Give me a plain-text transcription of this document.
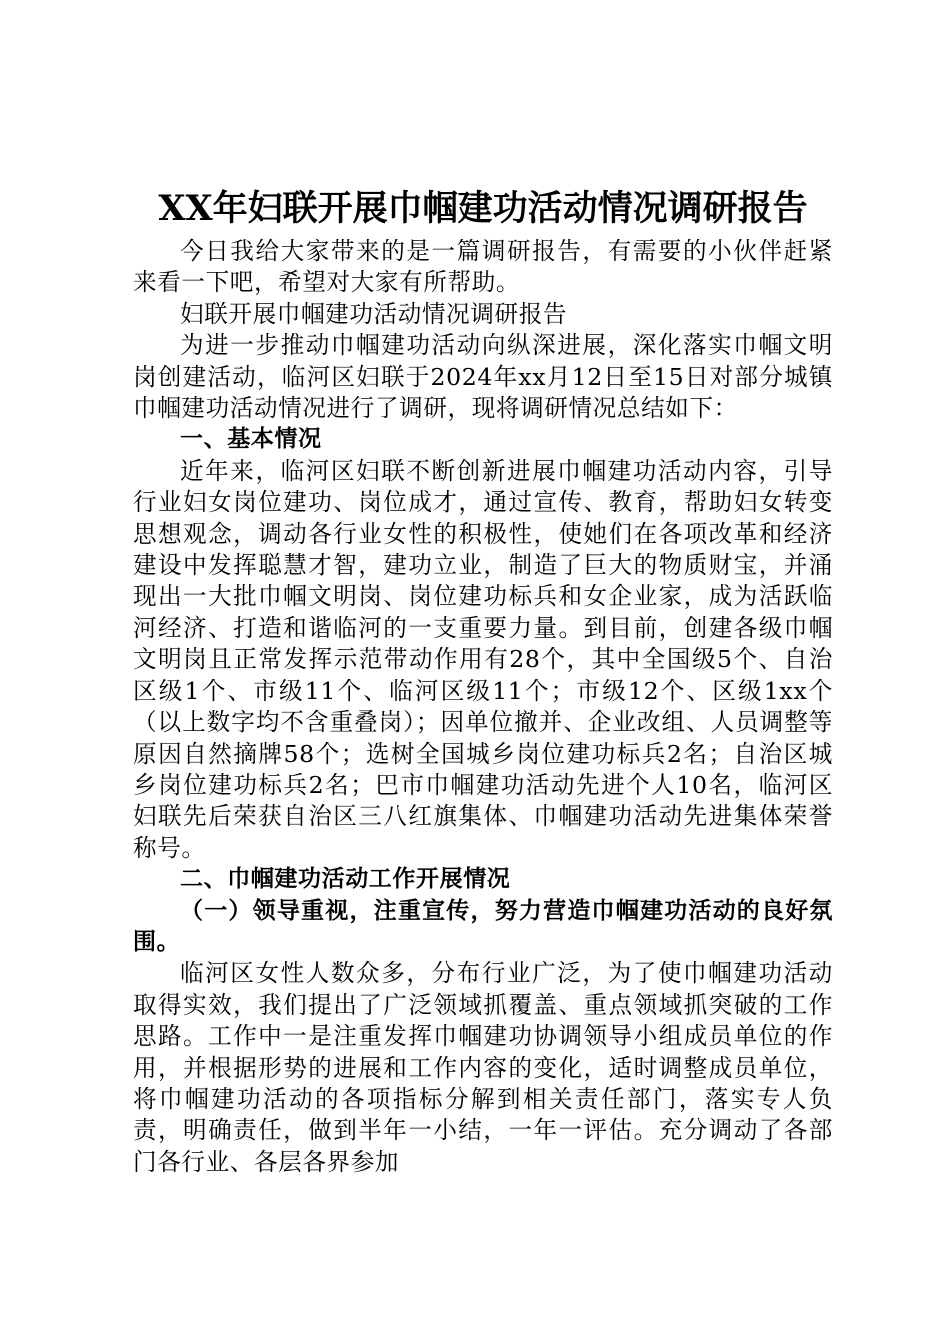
XX年妇联开展巾帼建功活动情况调研报告

今日我给大家带来的是一篇调研报告，有需要的小伙伴赶紧来看一下吧，希望对大家有所帮助。

妇联开展巾帼建功活动情况调研报告

为进一步推动巾帼建功活动向纵深进展，深化落实巾帼文明岗创建活动，临河区妇联于2024年xx月12日至15日对部分城镇巾帼建功活动情况进行了调研，现将调研情况总结如下：

一、基本情况

近年来，临河区妇联不断创新进展巾帼建功活动内容，引导行业妇女岗位建功、岗位成才，通过宣传、教育，帮助妇女转变思想观念，调动各行业女性的积极性，使她们在各项改革和经济建设中发挥聪慧才智，建功立业，制造了巨大的物质财宝，并涌现出一大批巾帼文明岗、岗位建功标兵和女企业家，成为活跃临河经济、打造和谐临河的一支重要力量。到目前，创建各级巾帼文明岗且正常发挥示范带动作用有28个，其中全国级5个、自治区级1个、市级11个、临河区级11个；市级12个、区级1xx个（以上数字均不含重叠岗）；因单位撤并、企业改组、人员调整等原因自然摘牌58个；选树全国城乡岗位建功标兵2名；自治区城乡岗位建功标兵2名；巴市巾帼建功活动先进个人10名，临河区妇联先后荣获自治区三八红旗集体、巾帼建功活动先进集体荣誉称号。

二、巾帼建功活动工作开展情况

（一）领导重视，注重宣传，努力营造巾帼建功活动的良好氛围。

临河区女性人数众多，分布行业广泛，为了使巾帼建功活动取得实效，我们提出了广泛领域抓覆盖、重点领域抓突破的工作思路。工作中一是注重发挥巾帼建功协调领导小组成员单位的作用，并根据形势的进展和工作内容的变化，适时调整成员单位，将巾帼建功活动的各项指标分解到相关责任部门，落实专人负责，明确责任，做到半年一小结，一年一评估。充分调动了各部门各行业、各层各界参加
